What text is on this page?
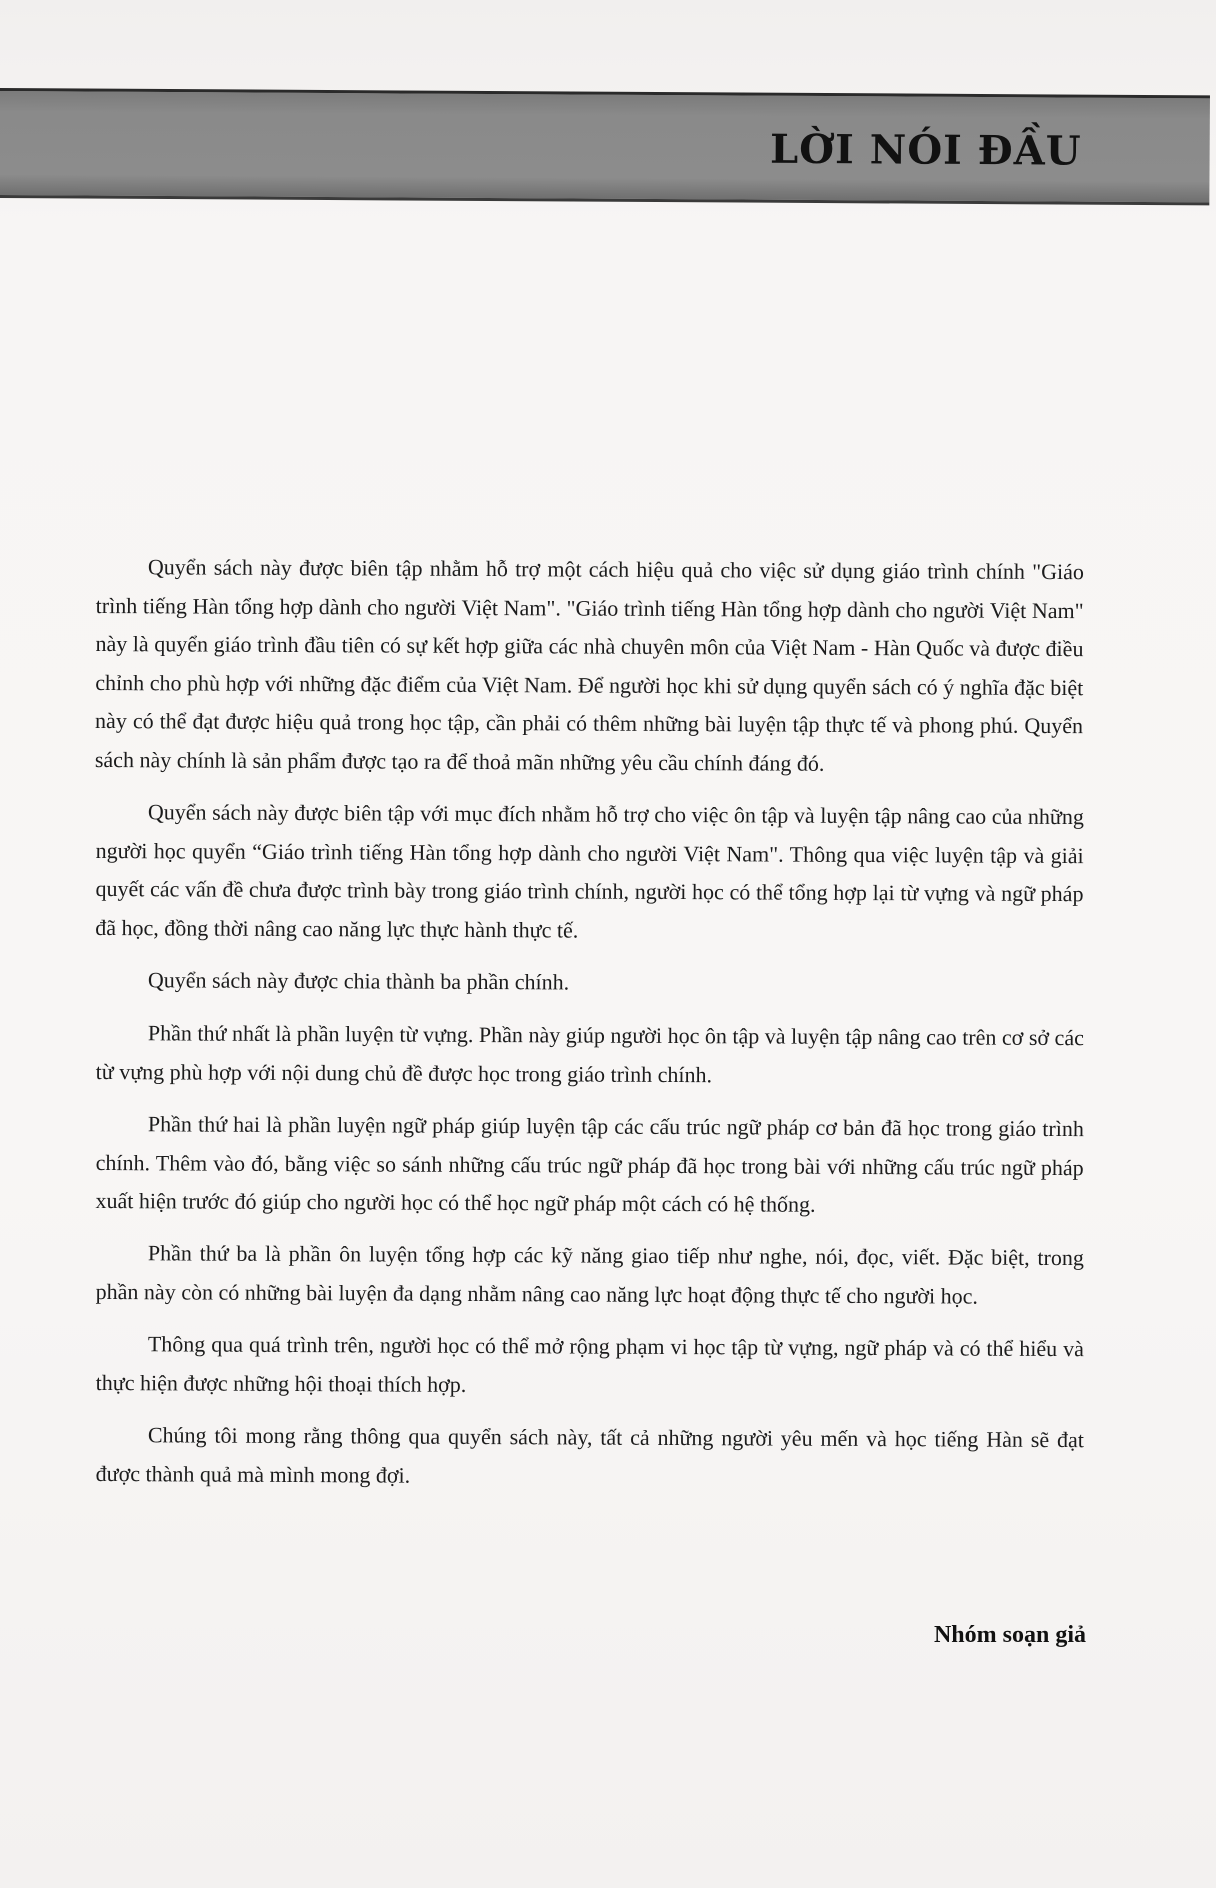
LỜI NÓI ĐẦU

Quyển sách này được biên tập nhằm hỗ trợ một cách hiệu quả cho việc sử dụng giáo trình chính "Giáo trình tiếng Hàn tổng hợp dành cho người Việt Nam". "Giáo trình tiếng Hàn tổng hợp dành cho người Việt Nam" này là quyển giáo trình đầu tiên có sự kết hợp giữa các nhà chuyên môn của Việt Nam - Hàn Quốc và được điều chỉnh cho phù hợp với những đặc điểm của Việt Nam. Để người học khi sử dụng quyển sách có ý nghĩa đặc biệt này có thể đạt được hiệu quả trong học tập, cần phải có thêm những bài luyện tập thực tế và phong phú. Quyển sách này chính là sản phẩm được tạo ra để thoả mãn những yêu cầu chính đáng đó.

Quyển sách này được biên tập với mục đích nhằm hỗ trợ cho việc ôn tập và luyện tập nâng cao của những người học quyển “Giáo trình tiếng Hàn tổng hợp dành cho người Việt Nam". Thông qua việc luyện tập và giải quyết các vấn đề chưa được trình bày trong giáo trình chính, người học có thể tổng hợp lại từ vựng và ngữ pháp đã học, đồng thời nâng cao năng lực thực hành thực tế.

Quyển sách này được chia thành ba phần chính.

Phần thứ nhất là phần luyện từ vựng. Phần này giúp người học ôn tập và luyện tập nâng cao trên cơ sở các từ vựng phù hợp với nội dung chủ đề được học trong giáo trình chính.

Phần thứ hai là phần luyện ngữ pháp giúp luyện tập các cấu trúc ngữ pháp cơ bản đã học trong giáo trình chính. Thêm vào đó, bằng việc so sánh những cấu trúc ngữ pháp đã học trong bài với những cấu trúc ngữ pháp xuất hiện trước đó giúp cho người học có thể học ngữ pháp một cách có hệ thống.

Phần thứ ba là phần ôn luyện tổng hợp các kỹ năng giao tiếp như nghe, nói, đọc, viết. Đặc biệt, trong phần này còn có những bài luyện đa dạng nhằm nâng cao năng lực hoạt động thực tế cho người học.

Thông qua quá trình trên, người học có thể mở rộng phạm vi học tập từ vựng, ngữ pháp và có thể hiểu và thực hiện được những hội thoại thích hợp.

Chúng tôi mong rằng thông qua quyển sách này, tất cả những người yêu mến và học tiếng Hàn sẽ đạt được thành quả mà mình mong đợi.

Nhóm soạn giả
